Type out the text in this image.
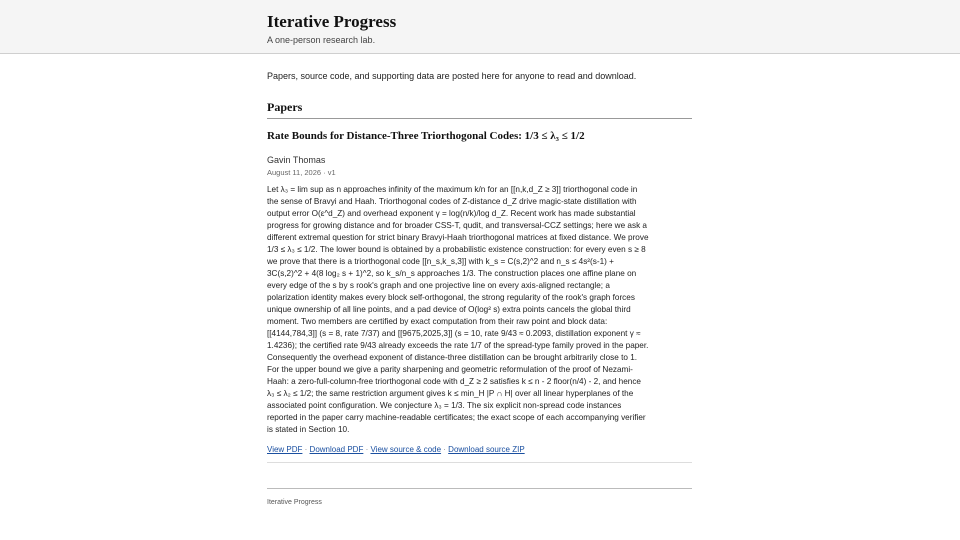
Iterative Progress
A one-person research lab.

Papers, source code, and supporting data are posted here for anyone to read and download.

Papers
Rate Bounds for Distance-Three Triorthogonal Codes: 1/3 ≤ λ₃ ≤ 1/2
Gavin Thomas
August 11, 2026 · v1

Let λ₃ = lim sup as n approaches infinity of the maximum k/n for an [[n,k,d_Z ≥ 3]] triorthogonal code in the sense of Bravyi and Haah. Triorthogonal codes of Z-distance d_Z drive magic-state distillation with output error O(ε^d_Z) and overhead exponent γ = log(n/k)/log d_Z. Recent work has made substantial progress for growing distance and for broader CSS-T, qudit, and transversal-CCZ settings; here we ask a different extremal question for strict binary Bravyi-Haah triorthogonal matrices at fixed distance. We prove 1/3 ≤ λ₃ ≤ 1/2. The lower bound is obtained by a probabilistic existence construction: for every even s ≥ 8 we prove that there is a triorthogonal code [[n_s,k_s,3]] with k_s = C(s,2)^2 and n_s ≤ 4s²(s-1) + 3C(s,2)^2 + 4(8 log₂ s + 1)^2, so k_s/n_s approaches 1/3. The construction places one affine plane on every edge of the s by s rook's graph and one projective line on every axis-aligned rectangle; a polarization identity makes every block self-orthogonal, the strong regularity of the rook's graph forces unique ownership of all line points, and a pad device of O(log² s) extra points cancels the global third moment. Two members are certified by exact computation from their raw point and block data: [[4144,784,3]] (s = 8, rate 7/37) and [[9675,2025,3]] (s = 10, rate 9/43 ≈ 0.2093, distillation exponent γ ≈ 1.4236); the certified rate 9/43 already exceeds the rate 1/7 of the spread-type family proved in the paper. Consequently the overhead exponent of distance-three distillation can be brought arbitrarily close to 1. For the upper bound we give a parity sharpening and geometric reformulation of the proof of Nezami-Haah: a zero-full-column-free triorthogonal code with d_Z ≥ 2 satisfies k ≤ n - 2 floor(n/4) - 2, and hence λ₃ ≤ λ₂ ≤ 1/2; the same restriction argument gives k ≤ min_H |P ∩ H| over all linear hyperplanes of the associated point configuration. We conjecture λ₃ = 1/3. The six explicit non-spread code instances reported in the paper carry machine-readable certificates; the exact scope of each accompanying verifier is stated in Section 10.

View PDF · Download PDF · View source & code · Download source ZIP
Iterative Progress
